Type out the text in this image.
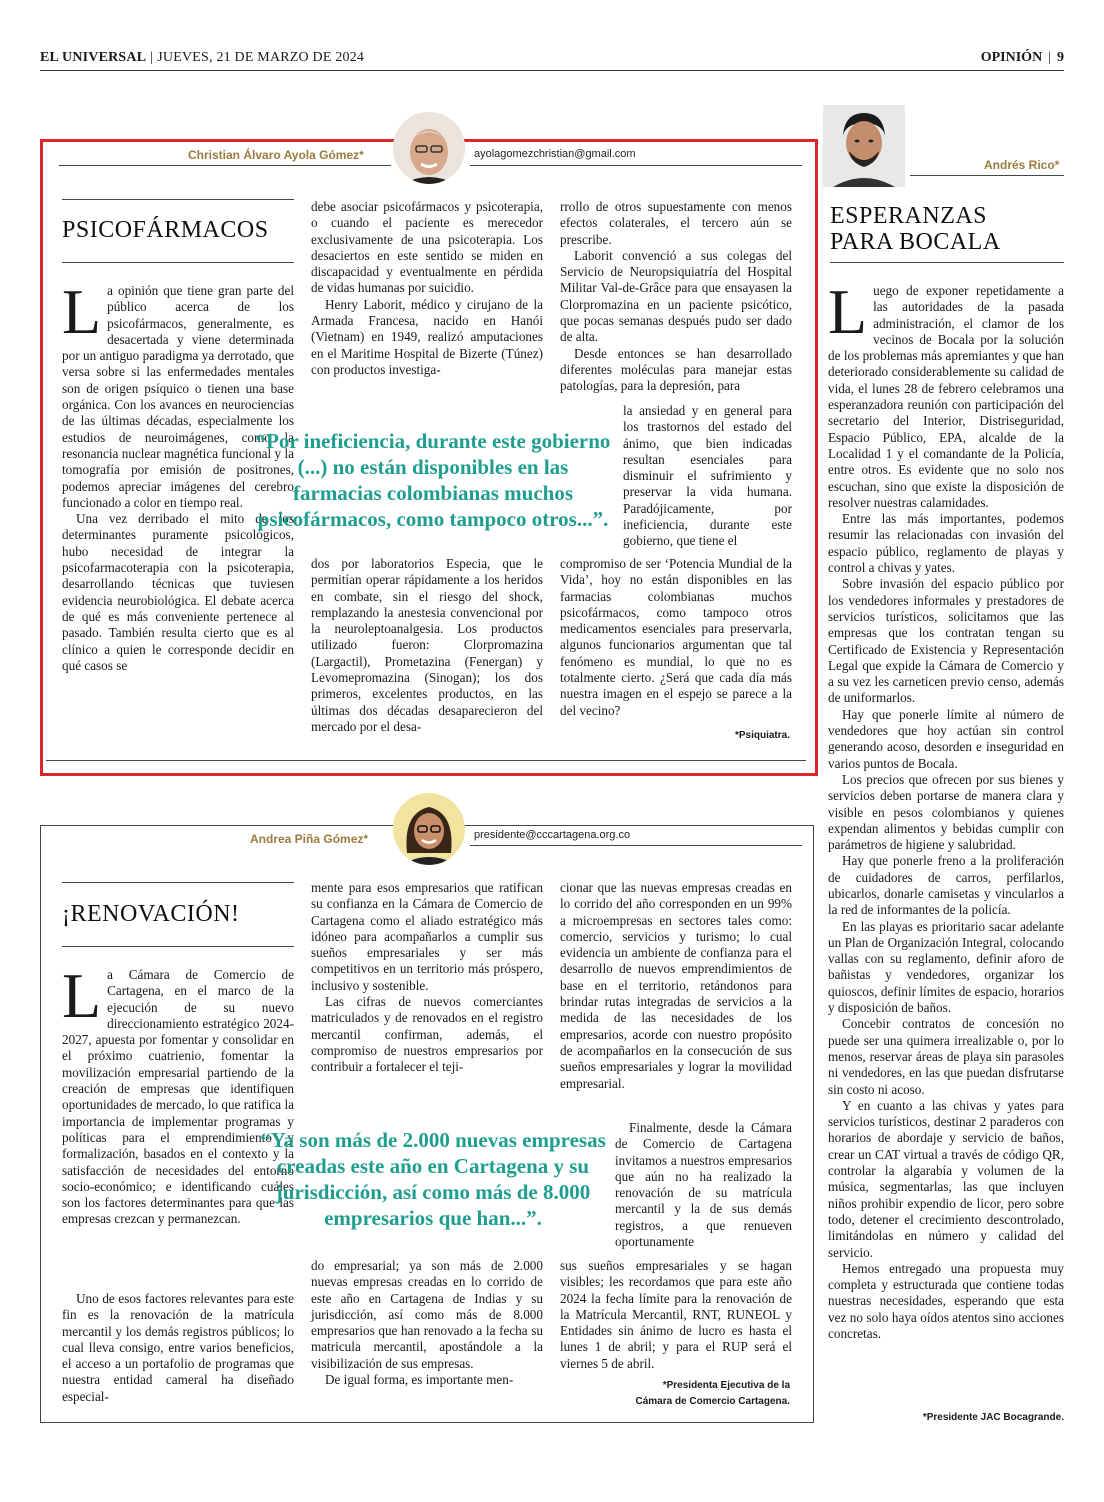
EL UNIVERSAL | JUEVES, 21 DE MARZO DE 2024	OPINIÓN | 9
Christian Álvaro Ayola Gómez*	ayolagomezchristian@gmail.com
PSICOFÁRMACOS
L a opinión que tiene gran parte del público acerca de los psicofármacos, generalmente, es desacertada y viene determinada por un antiguo paradigma ya derrotado, que versa sobre si las enfermedades mentales son de origen psíquico o tienen una base orgánica. Con los avances en neurociencias de las últimas décadas, especialmente los estudios de neuroimágenes, como la resonancia nuclear magnética funcional y la tomografía por emisión de positrones, podemos apreciar imágenes del cerebro funcionado a color en tiempo real.

Una vez derribado el mito de los determinantes puramente psicológicos, hubo necesidad de integrar la psicofarmacoterapia con la psicoterapia, desarrollando técnicas que tuviesen evidencia neurobiológica. El debate acerca de qué es más conveniente pertenece al pasado. También resulta cierto que es al clínico a quien le corresponde decidir en qué casos se

debe asociar psicofármacos y psicoterapia, o cuando el paciente es merecedor exclusivamente de una psicoterapia. Los desaciertos en este sentido se miden en discapacidad y eventualmente en pérdida de vidas humanas por suicidio.

Henry Laborit, médico y cirujano de la Armada Francesa, nacido en Hanói (Vietnam) en 1949, realizó amputaciones en el Maritime Hospital de Bizerte (Túnez) con productos investiga-

rrollo de otros supuestamente con menos efectos colaterales, el tercero aún se prescribe.

Laborit convenció a sus colegas del Servicio de Neuropsiquiatría del Hospital Militar Val-de-Grâce para que ensayasen la Clorpromazina en un paciente psicótico, que pocas semanas después pudo ser dado de alta.

Desde entonces se han desarrollado diferentes moléculas para manejar estas patologías, para la depresión, para

“Por ineficiencia, durante este gobierno (...) no están disponibles en las farmacias colombianas muchos psicofármacos, como tampoco otros...”.

la ansiedad y en general para los trastornos del estado del ánimo, que bien indicadas resultan esenciales para disminuir el sufrimiento y preservar la vida humana. Paradójicamente, por ineficiencia, durante este gobierno, que tiene el

dos por laboratorios Especia, que le permitían operar rápidamente a los heridos en combate, sin el riesgo del shock, remplazando la anestesia convencional por la neuroleptoanalgesia. Los productos utilizado fueron: Clorpromazina (Largactil), Prometazina (Fenergan) y Levomepromazina (Sinogan); los dos primeros, excelentes productos, en las últimas dos décadas desaparecieron del mercado por el desa-

compromiso de ser ‘Potencia Mundial de la Vida’, hoy no están disponibles en las farmacias colombianas muchos psicofármacos, como tampoco otros medicamentos esenciales para preservarla, algunos funcionarios argumentan que tal fenómeno es mundial, lo que no es totalmente cierto. ¿Será que cada día más nuestra imagen en el espejo se parece a la del vecino?

*Psiquiatra.
Andrea Piña Gómez*	presidente@cccartagena.org.co
¡RENOVACIÓN!
L a Cámara de Comercio de Cartagena, en el marco de la ejecución de su nuevo direccionamiento estratégico 2024-2027, apuesta por fomentar y consolidar en el próximo cuatrienio, fomentar la movilización empresarial partiendo de la creación de empresas que identifiquen oportunidades de mercado, lo que ratifica la importancia de implementar programas y políticas para el emprendimiento y formalización, basados en el contexto y la satisfacción de necesidades del entorno socio-económico; e identificando cuáles son los factores determinantes para que las empresas crezcan y permanezcan.

Uno de esos factores relevantes para este fin es la renovación de la matrícula mercantil y los demás registros públicos; lo cual lleva consigo, entre varios beneficios, el acceso a un portafolio de programas que nuestra entidad cameral ha diseñado especial-

mente para esos empresarios que ratifican su confianza en la Cámara de Comercio de Cartagena como el aliado estratégico más idóneo para acompañarlos a cumplir sus sueños empresariales y ser más competitivos en un territorio más próspero, inclusivo y sostenible.

Las cifras de nuevos comerciantes matriculados y de renovados en el registro mercantil confirman, además, el compromiso de nuestros empresarios por contribuir a fortalecer el teji-

cionar que las nuevas empresas creadas en lo corrido del año corresponden en un 99% a microempresas en sectores tales como: comercio, servicios y turismo; lo cual evidencia un ambiente de confianza para el desarrollo de nuevos emprendimientos de base en el territorio, retándonos para brindar rutas integradas de servicios a la medida de las necesidades de los empresarios, acorde con nuestro propósito de acompañarlos en la consecución de sus sueños empresariales y lograr la movilidad empresarial.

“Ya son más de 2.000 nuevas empresas creadas este año en Cartagena y su jurisdicción, así como más de 8.000 empresarios que han...”.

Finalmente, desde la Cámara de Comercio de Cartagena invitamos a nuestros empresarios que aún no ha realizado la renovación de su matrícula mercantil y la de sus demás registros, a que renueven oportunamente

do empresarial; ya son más de 2.000 nuevas empresas creadas en lo corrido de este año en Cartagena de Indias y su jurisdicción, así como más de 8.000 empresarios que han renovado a la fecha su matricula mercantil, apostándole a la visibilización de sus empresas.

De igual forma, es importante men-

sus sueños empresariales y se hagan visibles; les recordamos que para este año 2024 la fecha límite para la renovación de la Matrícula Mercantil, RNT, RUNEOL y Entidades sin ánimo de lucro es hasta el lunes 1 de abril; y para el RUP será el viernes 5 de abril.

*Presidenta Ejecutiva de la
Cámara de Comercio Cartagena.
Andrés Rico*
ESPERANZAS
PARA BOCALA
L uego de exponer repetidamente a las autoridades de la pasada administración, el clamor de los vecinos de Bocala por la solución de los problemas más apremiantes y que han deteriorado considerablemente su calidad de vida, el lunes 28 de febrero celebramos una esperanzadora reunión con participación del secretario del Interior, Distriseguridad, Espacio Público, EPA, alcalde de la Localidad 1 y el comandante de la Policía, entre otros. Es evidente que no solo nos escuchan, sino que existe la disposición de resolver nuestras calamidades.

Entre las más importantes, podemos resumir las relacionadas con invasión del espacio público, reglamento de playas y control a chivas y yates.

Sobre invasión del espacio público por los vendedores informales y prestadores de servicios turísticos, solicitamos que las empresas que los contratan tengan su Certificado de Existencia y Representación Legal que expide la Cámara de Comercio y a su vez les carneticen previo censo, además de uniformarlos.

Hay que ponerle límite al número de vendedores que hoy actúan sin control generando acoso, desorden e inseguridad en varios puntos de Bocala.

Los precios que ofrecen por sus bienes y servicios deben portarse de manera clara y visible en pesos colombianos y quienes expendan alimentos y bebidas cumplir con parámetros de higiene y salubridad.

Hay que ponerle freno a la proliferación de cuidadores de carros, perfilarlos, ubicarlos, donarle camisetas y vincularlos a la red de informantes de la policía.

En las playas es prioritario sacar adelante un Plan de Organización Integral, colocando vallas con su reglamento, definir aforo de bañistas y vendedores, organizar los quioscos, definir límites de espacio, horarios y disposición de baños.

Concebir contratos de concesión no puede ser una quimera irrealizable o, por lo menos, reservar áreas de playa sin parasoles ni vendedores, en las que puedan disfrutarse sin costo ni acoso.

Y en cuanto a las chivas y yates para servicios turísticos, destinar 2 paraderos con horarios de abordaje y servicio de baños, crear un CAT virtual a través de código QR, controlar la algarabía y volumen de la música, segmentarlas, las que incluyen niños prohibir expendio de licor, pero sobre todo, detener el crecimiento descontrolado, limitándolas en número y calidad del servicio.

Hemos entregado una propuesta muy completa y estructurada que contiene todas nuestras necesidades, esperando que esta vez no solo haya oídos atentos sino acciones concretas.

*Presidente JAC Bocagrande.
